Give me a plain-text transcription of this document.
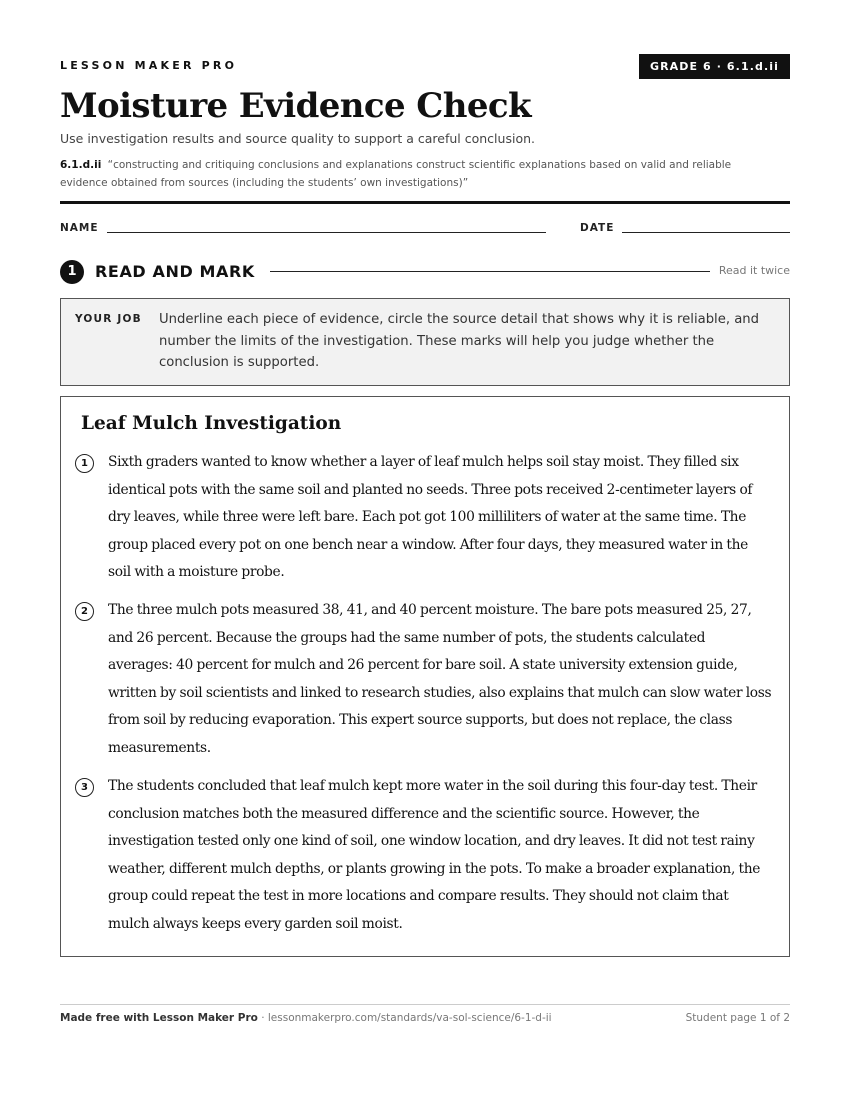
LESSON MAKER PRO	GRADE 6 · 6.1.d.ii
Moisture Evidence Check
Use investigation results and source quality to support a careful conclusion.
6.1.d.ii “constructing and critiquing conclusions and explanations construct scientific explanations based on valid and reliable evidence obtained from sources (including the students’ own investigations)”
NAME	DATE
1	READ AND MARK	Read it twice
YOUR JOB Underline each piece of evidence, circle the source detail that shows why it is reliable, and number the limits of the investigation. These marks will help you judge whether the conclusion is supported.
Leaf Mulch Investigation
1	Sixth graders wanted to know whether a layer of leaf mulch helps soil stay moist. They filled six identical pots with the same soil and planted no seeds. Three pots received 2-centimeter layers of dry leaves, while three were left bare. Each pot got 100 milliliters of water at the same time. The group placed every pot on one bench near a window. After four days, they measured water in the soil with a moisture probe.
2	The three mulch pots measured 38, 41, and 40 percent moisture. The bare pots measured 25, 27, and 26 percent. Because the groups had the same number of pots, the students calculated averages: 40 percent for mulch and 26 percent for bare soil. A state university extension guide, written by soil scientists and linked to research studies, also explains that mulch can slow water loss from soil by reducing evaporation. This expert source supports, but does not replace, the class measurements.
3	The students concluded that leaf mulch kept more water in the soil during this four-day test. Their conclusion matches both the measured difference and the scientific source. However, the investigation tested only one kind of soil, one window location, and dry leaves. It did not test rainy weather, different mulch depths, or plants growing in the pots. To make a broader explanation, the group could repeat the test in more locations and compare results. They should not claim that mulch always keeps every garden soil moist.
Made free with Lesson Maker Pro · lessonmakerpro.com/standards/va-sol-science/6-1-d-ii	Student page 1 of 2
